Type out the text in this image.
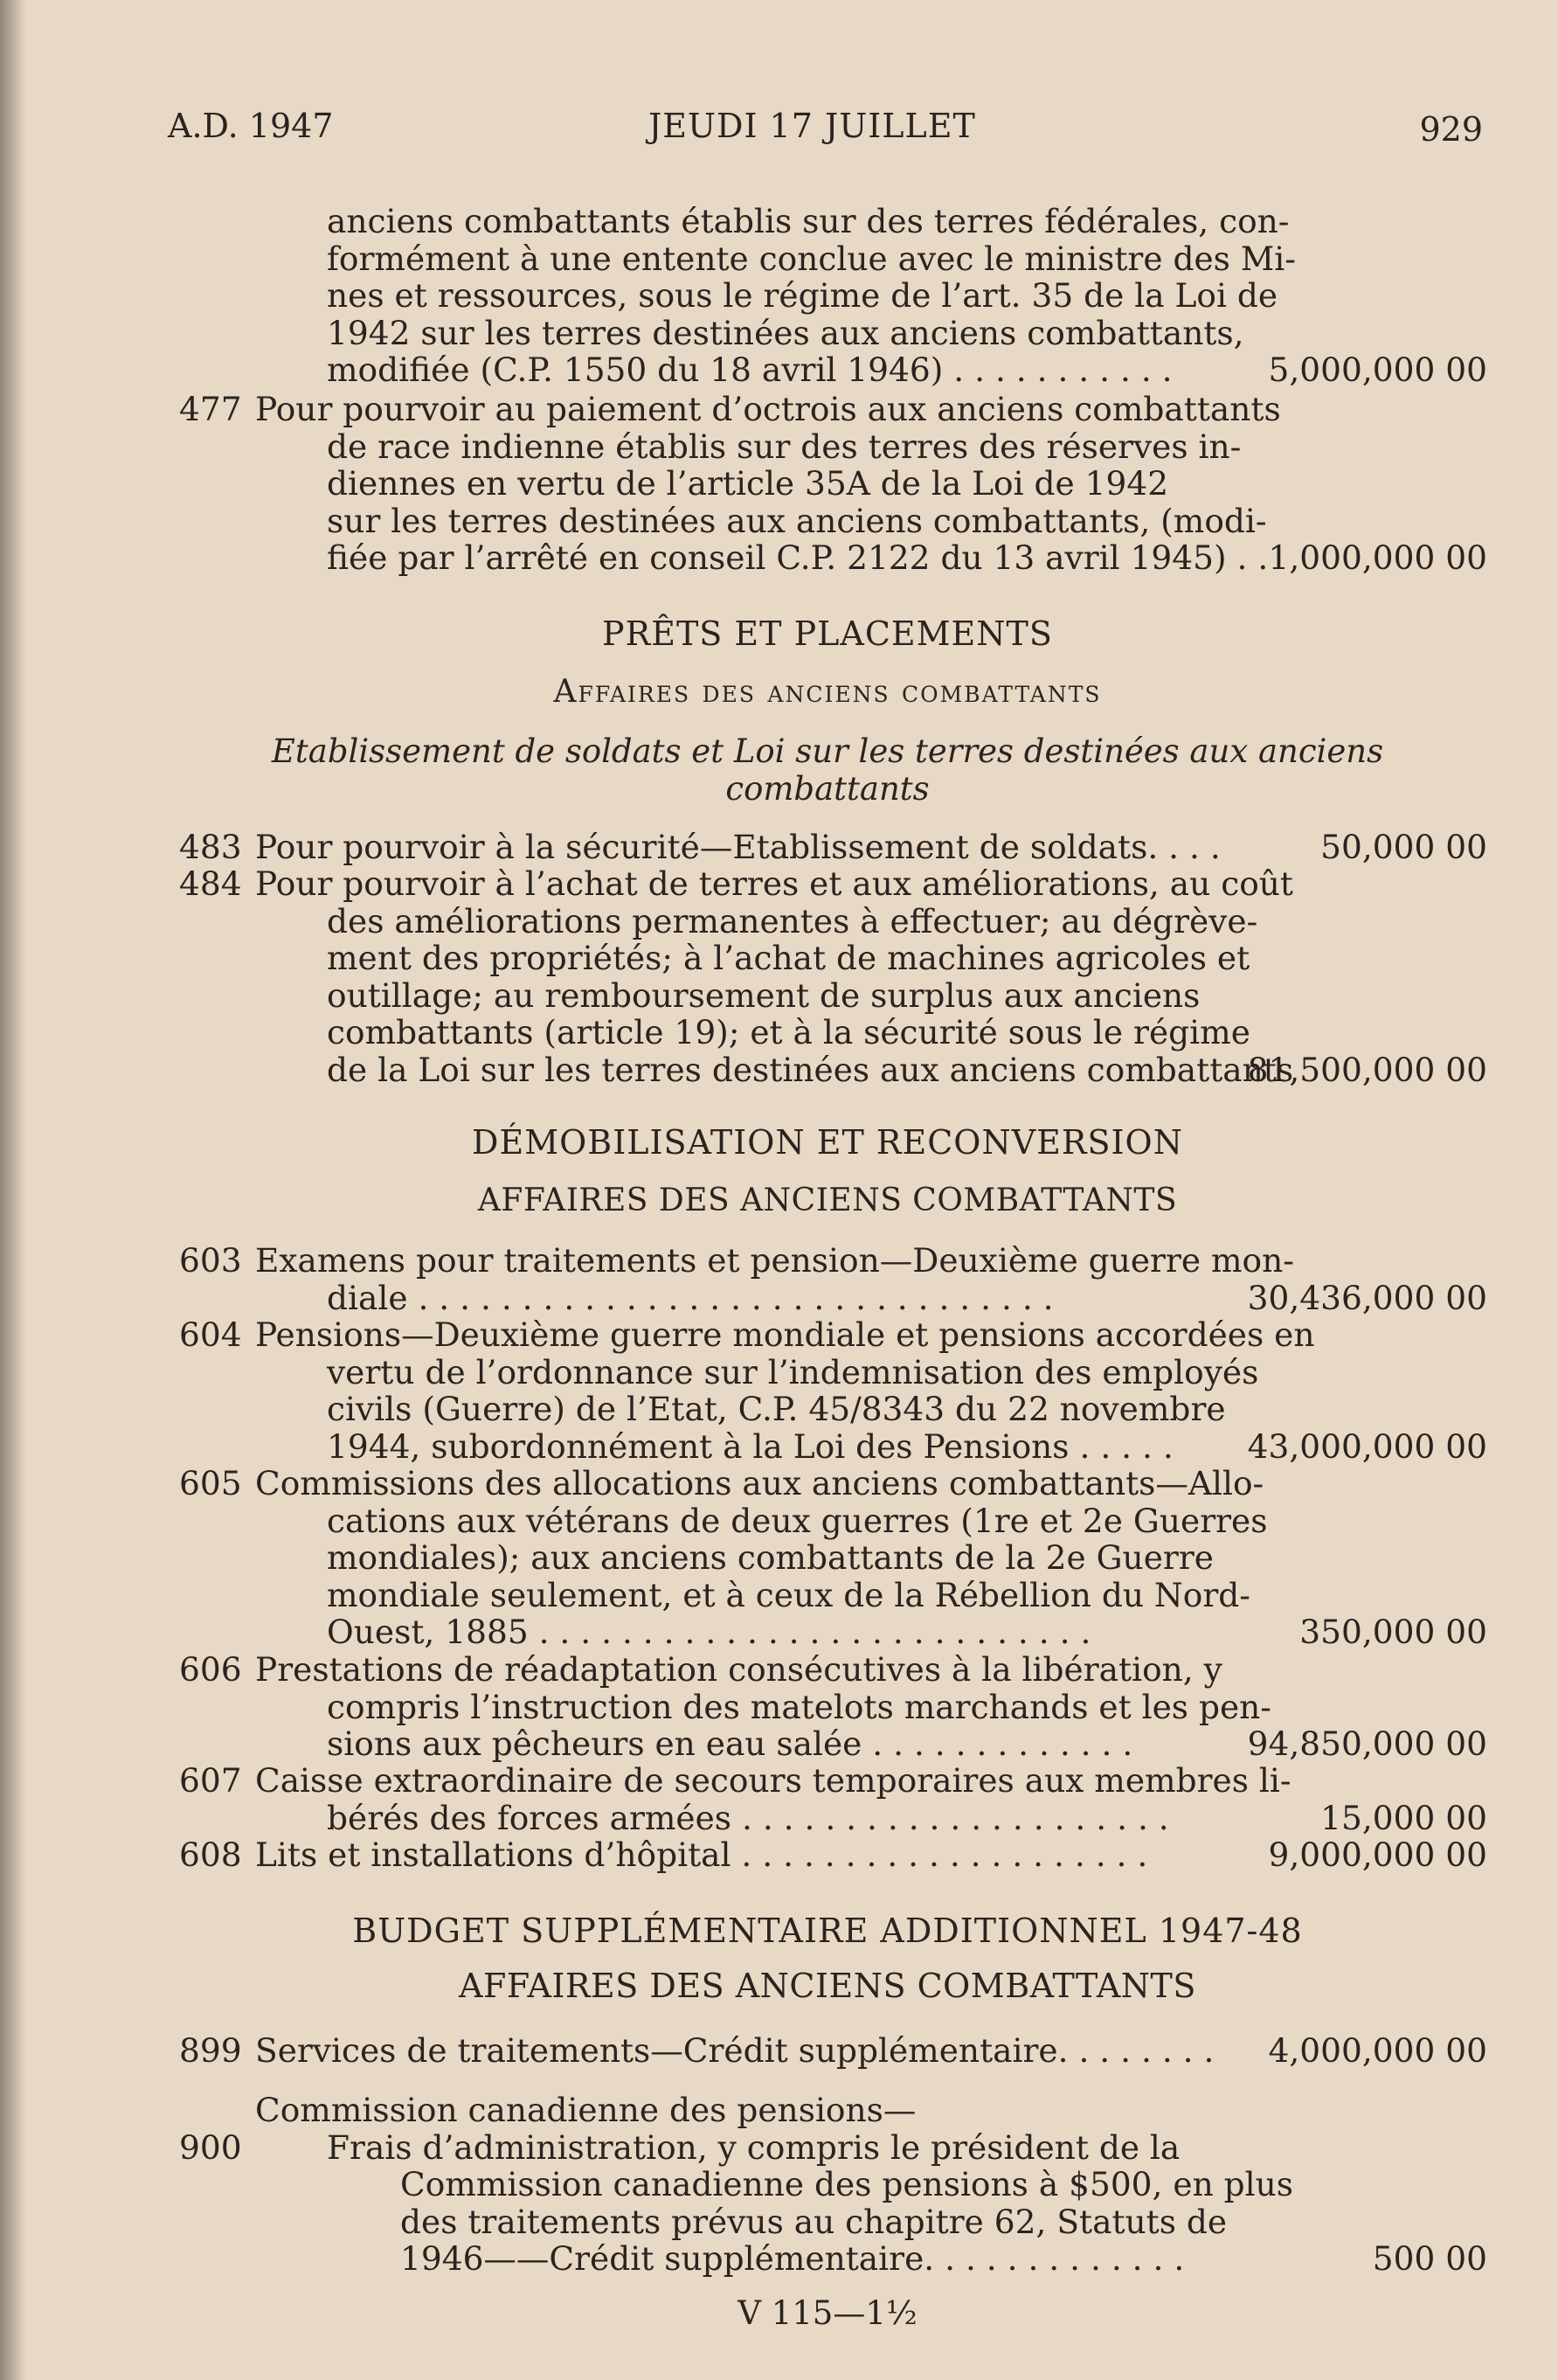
A.D. 1947	JEUDI 17 JUILLET	929
anciens combattants établis sur des terres fédérales, con-
formément à une entente conclue avec le ministre des Mi-
nes et ressources, sous le régime de l’art. 35 de la Loi de
1942 sur les terres destinées aux anciens combattants,
modifiée (C.P. 1550 du 18 avril 1946) . . . . . . . . . . .	5,000,000 00
477 Pour pourvoir au paiement d’octrois aux anciens combattants
de race indienne établis sur des terres des réserves in-
diennes en vertu de l’article 35A de la Loi de 1942
sur les terres destinées aux anciens combattants, (modi-
fiée par l’arrêté en conseil C.P. 2122 du 13 avril 1945) . . 1,000,000 00
PRÊTS ET PLACEMENTS
Affaires des anciens combattants
Etablissement de soldats et Loi sur les terres destinées aux anciens
combattants
483 Pour pourvoir à la sécurité—Etablissement de soldats. . . .	50,000 00
484 Pour pourvoir à l’achat de terres et aux améliorations, au coût
des améliorations permanentes à effectuer; au dégrève-
ment des propriétés; à l’achat de machines agricoles et
outillage; au remboursement de surplus aux anciens
combattants (article 19); et à la sécurité sous le régime
de la Loi sur les terres destinées aux anciens combattants
81,500,000 00
DÉMOBILISATION ET RECONVERSION
AFFAIRES DES ANCIENS COMBATTANTS
603 Examens pour traitements et pension—Deuxième guerre mon-
diale . . . . . . . . . . . . . . . . . . . . . . . . . . . . . . .	30,436,000 00
604 Pensions—Deuxième guerre mondiale et pensions accordées en
vertu de l’ordonnance sur l’indemnisation des employés
civils (Guerre) de l’Etat, C.P. 45/8343 du 22 novembre
1944, subordonnément à la Loi des Pensions . . . . . 43,000,000 00
605 Commissions des allocations aux anciens combattants—Allo-
cations aux vétérans de deux guerres (1re et 2e Guerres
mondiales); aux anciens combattants de la 2e Guerre
mondiale seulement, et à ceux de la Rébellion du Nord-
Ouest, 1885 . . . . . . . . . . . . . . . . . . . . . . . . . . .	350,000 00
606 Prestations de réadaptation consécutives à la libération, y
compris l’instruction des matelots marchands et les pen-
sions aux pêcheurs en eau salée . . . . . . . . . . . . .	94,850,000 00
607 Caisse extraordinaire de secours temporaires aux membres li-
bérés des forces armées . . . . . . . . . . . . . . . . . . . . .	15,000 00
608 Lits et installations d’hôpital . . . . . . . . . . . . . . . . . . . .	9,000,000 00
BUDGET SUPPLÉMENTAIRE ADDITIONNEL 1947-48
AFFAIRES DES ANCIENS COMBATTANTS
899 Services de traitements—Crédit supplémentaire. . . . . . . . 4,000,000 00
Commission canadienne des pensions—
900	Frais d’administration, y compris le président de la
Commission canadienne des pensions à $500, en plus
des traitements prévus au chapitre 62, Statuts de
1946——Crédit supplémentaire. . . . . . . . . . . . .	500 00
V 115—1½
